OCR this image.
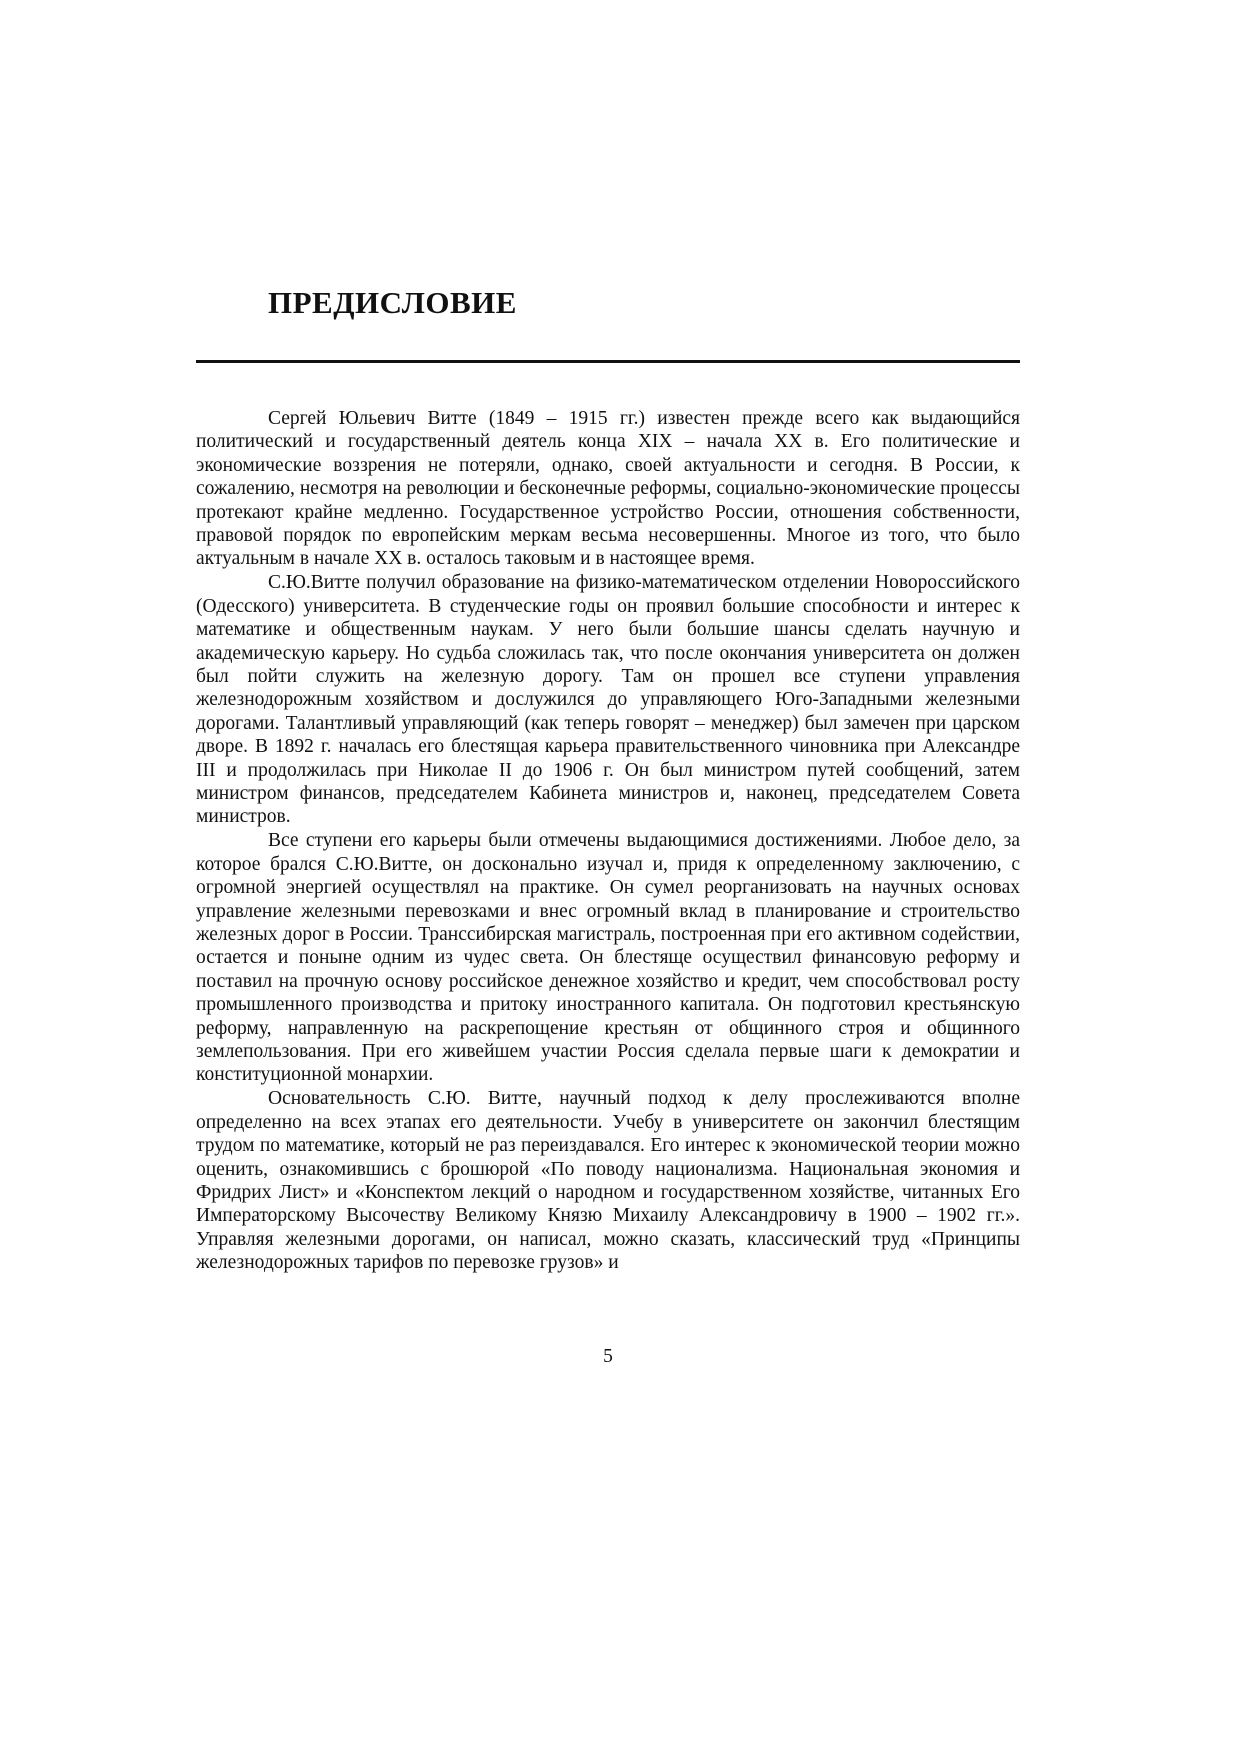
ПРЕДИСЛОВИЕ

Сергей Юльевич Витте (1849 – 1915 гг.) известен прежде всего как выдающийся политический и государственный деятель конца XIX – начала XX в. Его политические и экономические воззрения не потеряли, однако, своей актуальности и сегодня. В России, к сожалению, несмотря на революции и бесконечные реформы, социально-экономические процессы протекают крайне медленно. Государственное устройство России, отношения собственности, правовой порядок по европейским меркам весьма несовершенны. Многое из того, что было актуальным в начале XX в. осталось таковым и в настоящее время.

С.Ю.Витте получил образование на физико-математическом отделении Новороссийского (Одесского) университета. В студенческие годы он проявил большие способности и интерес к математике и общественным наукам. У него были большие шансы сделать научную и академическую карьеру. Но судьба сложилась так, что после окончания университета он должен был пойти служить на железную дорогу. Там он прошел все ступени управления железнодорожным хозяйством и дослужился до управляющего Юго-Западными железными дорогами. Талантливый управляющий (как теперь говорят – менеджер) был замечен при царском дворе. В 1892 г. началась его блестящая карьера правительственного чиновника при Александре III и продолжилась при Николае II до 1906 г. Он был министром путей сообщений, затем министром финансов, председателем Кабинета министров и, наконец, председателем Совета министров.

Все ступени его карьеры были отмечены выдающимися достижениями. Любое дело, за которое брался С.Ю.Витте, он досконально изучал и, придя к определенному заключению, с огромной энергией осуществлял на практике. Он сумел реорганизовать на научных основах управление железными перевозками и внес огромный вклад в планирование и строительство железных дорог в России. Транссибирская магистраль, построенная при его активном содействии, остается и поныне одним из чудес света. Он блестяще осуществил финансовую реформу и поставил на прочную основу российское денежное хозяйство и кредит, чем способствовал росту промышленного производства и притоку иностранного капитала. Он подготовил крестьянскую реформу, направленную на раскрепощение крестьян от общинного строя и общинного землепользования. При его живейшем участии Россия сделала первые шаги к демократии и конституционной монархии.

Основательность С.Ю. Витте, научный подход к делу прослеживаются вполне определенно на всех этапах его деятельности. Учебу в университете он закончил блестящим трудом по математике, который не раз переиздавался. Его интерес к экономической теории можно оценить, ознакомившись с брошюрой «По поводу национализма. Национальная экономия и Фридрих Лист» и «Конспектом лекций о народном и государственном хозяйстве, читанных Его Императорскому Высочеству Великому Князю Михаилу Александровичу в 1900 – 1902 гг.». Управляя железными дорогами, он написал, можно сказать, классический труд «Принципы железнодорожных тарифов по перевозке грузов» и

5
